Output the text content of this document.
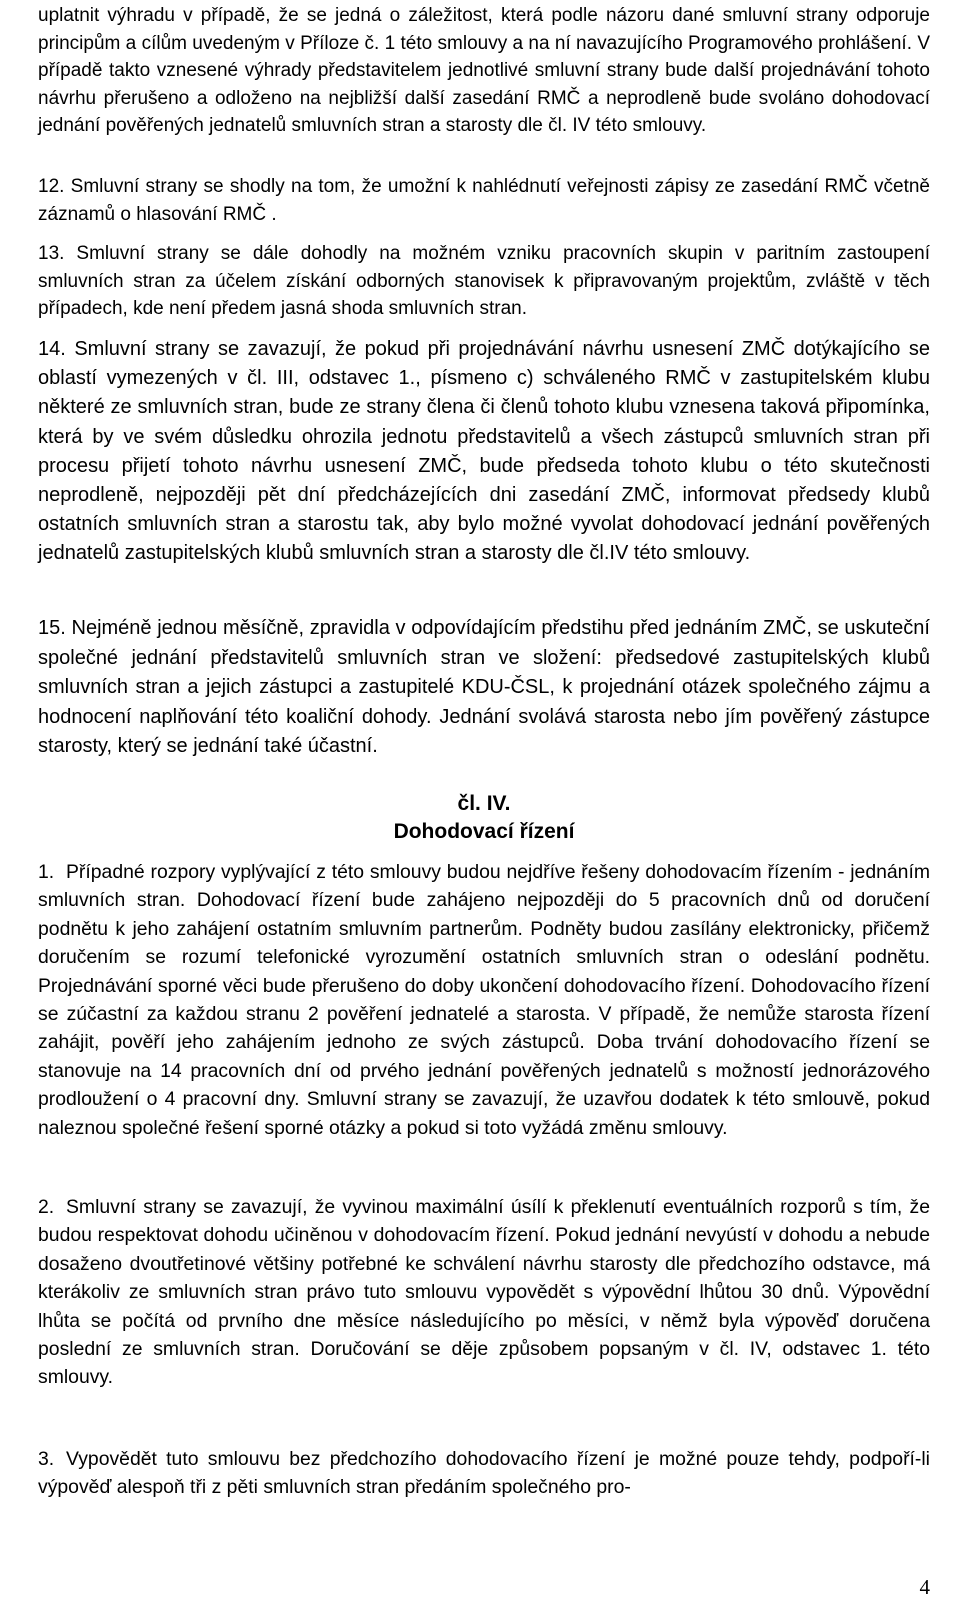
uplatnit výhradu v případě, že se jedná o záležitost, která podle názoru dané smluvní strany odporuje principům a cílům uvedeným v Příloze č. 1 této smlouvy a na ní navazujícího Programového prohlášení. V případě takto vznesené výhrady představitelem jednotlivé smluvní strany bude další projednávání tohoto návrhu přerušeno a odloženo na nejbližší další zasedání RMČ a neprodleně bude svoláno dohodovací jednání pověřených jednatelů smluvních stran a starosty dle čl. IV této smlouvy.

12. Smluvní strany se shodly na tom, že umožní k nahlédnutí veřejnosti zápisy ze zasedání RMČ včetně záznamů o hlasování RMČ .

13. Smluvní strany se dále dohodly na možném vzniku pracovních skupin v paritním zastoupení smluvních stran za účelem získání odborných stanovisek k připravovaným projektům, zvláště v těch případech, kde není předem jasná shoda smluvních stran.

14. Smluvní strany se zavazují, že pokud při projednávání návrhu usnesení ZMČ dotýkajícího se oblastí vymezených v čl. III, odstavec 1., písmeno c) schváleného RMČ v zastupitelském klubu některé ze smluvních stran, bude ze strany člena či členů tohoto klubu vznesena taková připomínka, která by ve svém důsledku ohrozila jednotu představitelů a všech zástupců smluvních stran při procesu přijetí tohoto návrhu usnesení ZMČ, bude předseda tohoto klubu o této skutečnosti neprodleně, nejpozději pět dní předcházejících dni zasedání ZMČ, informovat předsedy klubů ostatních smluvních stran a starostu tak, aby bylo možné vyvolat dohodovací jednání pověřených jednatelů zastupitelských klubů smluvních stran a starosty dle čl.IV této smlouvy.

15. Nejméně jednou měsíčně, zpravidla v odpovídajícím předstihu před jednáním ZMČ, se uskuteční společné jednání představitelů smluvních stran ve složení: předsedové zastupitelských klubů smluvních stran a jejich zástupci a zastupitelé KDU-ČSL, k projednání otázek společného zájmu a hodnocení naplňování této koaliční dohody. Jednání svolává starosta nebo jím pověřený zástupce starosty, který se jednání také účastní.

čl. IV.

Dohodovací řízení

1. Případné rozpory vyplývající z této smlouvy budou nejdříve řešeny dohodovacím řízením - jednáním smluvních stran. Dohodovací řízení bude zahájeno nejpozději do 5 pracovních dnů od doručení podnětu k jeho zahájení ostatním smluvním partnerům. Podněty budou zasílány elektronicky, přičemž doručením se rozumí telefonické vyrozumění ostatních smluvních stran o odeslání podnětu. Projednávání sporné věci bude přerušeno do doby ukončení dohodovacího řízení. Dohodovacího řízení se zúčastní za každou stranu 2 pověření jednatelé a starosta. V případě, že nemůže starosta řízení zahájit, pověří jeho zahájením jednoho ze svých zástupců. Doba trvání dohodovacího řízení se stanovuje na 14 pracovních dní od prvého jednání pověřených jednatelů s možností jednorázového prodloužení o 4 pracovní dny. Smluvní strany se zavazují, že uzavřou dodatek k této smlouvě, pokud naleznou společné řešení sporné otázky a pokud si toto vyžádá změnu smlouvy.

2. Smluvní strany se zavazují, že vyvinou maximální úsílí k překlenutí eventuálních rozporů s tím, že budou respektovat dohodu učiněnou v dohodovacím řízení. Pokud jednání nevyústí v dohodu a nebude dosaženo dvoutřetinové většiny potřebné ke schválení návrhu starosty dle předchozího odstavce, má kterákoliv ze smluvních stran právo tuto smlouvu vypovědět s výpovědní lhůtou 30 dnů. Výpovědní lhůta se počítá od prvního dne měsíce následujícího po měsíci, v němž byla výpověď doručena poslední ze smluvních stran. Doručování se děje způsobem popsaným v čl. IV, odstavec 1. této smlouvy.

3. Vypovědět tuto smlouvu bez předchozího dohodovacího řízení je možné pouze tehdy, podpoří-li výpověď alespoň tři z pěti smluvních stran předáním společného pro-

4
